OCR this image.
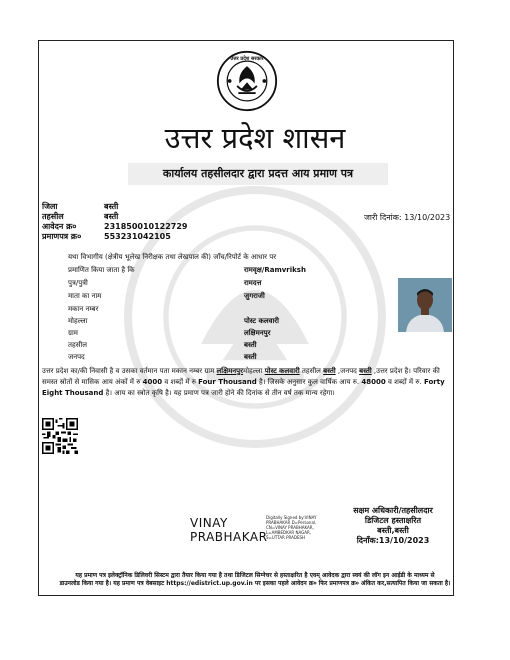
उत्तर प्रदेश सरकार
उत्तर प्रदेश शासन
कार्यालय तहसीलदार द्वारा प्रदत्त आय प्रमाण पत्र
जिला	बस्ती
तहसील	बस्ती
आवेदन क्र०	231850010122729
प्रमाणपत्र क्र०	553231042105
जारी दिनांक: 13/10/2023
यथा विभागीय (क्षेत्रीय भूलेख निरीक्षक तथा लेखपाल की) जाँच/रिपोर्ट के आधार पर
प्रमाणित किया जाता है कि	रामवृक्ष/Ramvriksh
पुत्र/पुत्री	रामदत्त
माता का नाम	जुगराजी
मकान नम्बर
मोहल्ला	पोस्ट कलवारी
ग्राम	लक्षिमनपुर
तहसील	बस्ती
जनपद	बस्ती
उत्तर प्रदेश का/की निवासी है व उसका वर्तमान पता मकान नम्बर ग्राम लक्षिमनपुरमोहल्ला पोस्ट कलवारी तहसील बस्ती ,जनपद बस्ती ,उत्तर प्रदेश है। परिवार की समस्त स्रोतों से मासिक आय अंकों में रु 4000 व शब्दों में रु Four Thousand है। जिसके अनुसार कुल वार्षिक आय रु. 48000 व शब्दों में रु. Forty Eight Thousand है। आय का स्त्रोत कृषि है। यह प्रमाण पत्र जारी होने की दिनांक से तीन वर्ष तक मान्य रहेगा।
VINAY
PRABHAKAR
Digitally Signed by:VINAY
PRABHAKAR D=Personal,
CN=VINAY PRABHAKAR,
L=AMBEDKAR NAGAR,
S=UTTAR PRADESH
सक्षम अधिकारी/तहसीलदार
डिजिटल हस्ताक्षरित
बस्ती,बस्ती
दिनाँक:13/10/2023
यह प्रमाण पत्र इलेक्ट्रॉनिक डिलिवरी सिस्टम द्वारा तैयार किया गया है तथा डिजिटल सिग्नेचर से हस्ताक्षरित है एवम् आवेदक द्वारा स्वयं की लॉग इन आईडी के माध्यम से
डाउनलोड किया गया है। यह प्रमाण पत्र वेबसाइट https://edistrict.up.gov.in पर इसका पहले आवेदन क्र० फिर प्रमाणपत्र क्र० अंकित कर,सत्यापित किया जा सकता है।
